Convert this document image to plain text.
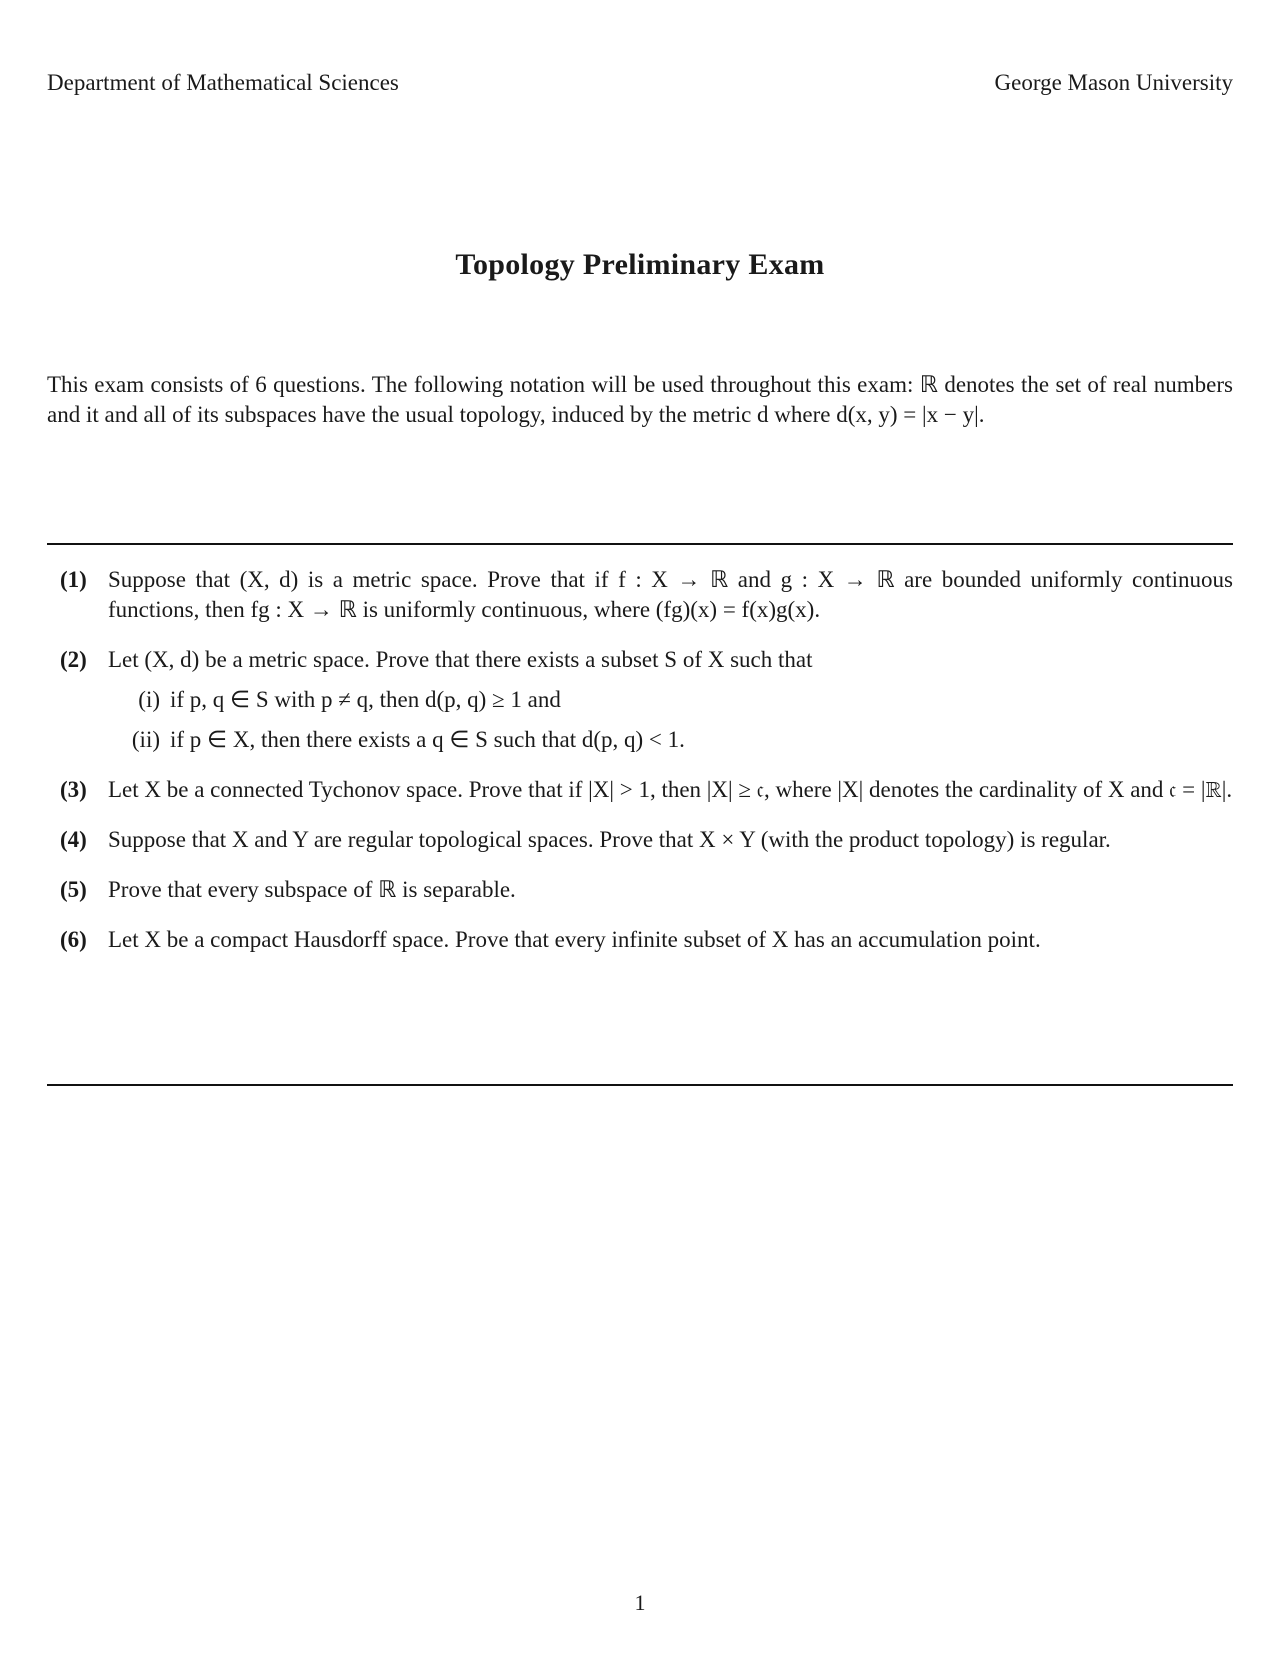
Department of Mathematical Sciences	George Mason University
Topology Preliminary Exam
This exam consists of 6 questions. The following notation will be used throughout this exam: ℝ denotes the set of real numbers and it and all of its subspaces have the usual topology, induced by the metric d where d(x, y) = |x − y|.
(1) Suppose that (X, d) is a metric space. Prove that if f : X → ℝ and g : X → ℝ are bounded uniformly continuous functions, then fg : X → ℝ is uniformly continuous, where (fg)(x) = f(x)g(x).
(2) Let (X, d) be a metric space. Prove that there exists a subset S of X such that
(i) if p, q ∈ S with p ≠ q, then d(p, q) ≥ 1 and
(ii) if p ∈ X, then there exists a q ∈ S such that d(p, q) < 1.
(3) Let X be a connected Tychonov space. Prove that if |X| > 1, then |X| ≥ 𝔠, where |X| denotes the cardinality of X and 𝔠 = |ℝ|.
(4) Suppose that X and Y are regular topological spaces. Prove that X × Y (with the product topology) is regular.
(5) Prove that every subspace of ℝ is separable.
(6) Let X be a compact Hausdorff space. Prove that every infinite subset of X has an accumulation point.
1
